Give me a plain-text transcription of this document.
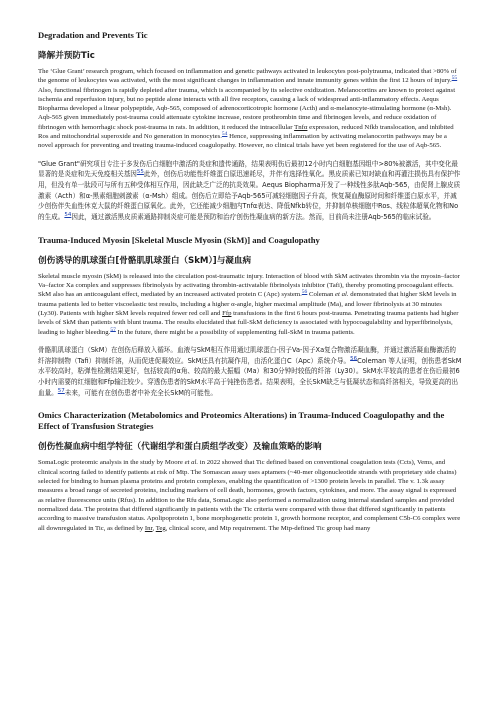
Degradation and Prevents Tic
降解并预防Tic

The ‘Glue Grant’ research program, which focused on inflammation and genetic pathways activated in leukocytes post-polytrauma, indicated that >80% of the genome of leukocytes was activated, with the most significant changes in inflammation and innate immunity genes within the first 12 hours of injury.$^{55}$ Also, functional fibrinogen is rapidly depleted after trauma, which is accompanied by its selective oxidization. Melanocortins are known to protect against ischemia and reperfusion injury, but no peptide alone interacts with all five receptors, causing a lack of widespread anti-inflammatory effects. Aequs Biopharma developed a linear polypeptide, Aqb-565, composed of adrenocorticotropic hormone (Acth) and α-melanocyte-stimulating hormone (α-Msh). Aqb-565 given immediately post-trauma could attenuate cytokine increase, restore prothrombin time and fibrinogen levels, and reduce oxidation of fibrinogen with hemorrhagic shock post-trauma in rats. In addition, it reduced the intracellular Tnfα expression, reduced Nfkb translocation, and inhibited Ros and mitochondrial superoxide and No generation in monocytes.$^{54}$ Hence, suppressing inflammation by activating melanocortin pathways may be a novel approach for preventing and treating trauma-induced coagulopathy. However, no clinical trials have yet been registered for the use of Aqb-565.

"Glue Grant"研究项目专注于多发伤后白细胞中激活的炎症和遗传通路，结果表明伤后最初12小时内白细胞基因组中>80%被激活，其中变化最显著的是炎症和先天免疫相关基因$^{55}$此外，创伤后功能性纤维蛋白原迅速耗尽，并伴有选择性氧化。黑皮质素已知对缺血和再灌注损伤具有保护作用，但没有单一肽段可与所有五种受体相互作用，因此缺乏广泛的抗炎效果。Aequs Biopharma开发了一种线性多肽Aqb-565，由促肾上腺皮质激素（Acth）和α-黑素细胞刺激素（α-Msh）组成。创伤后立即给予Aqb-565可减轻细胞因子升高，恢复凝血酶原时间和纤维蛋白原水平，并减少创伤伴失血性休克大鼠的纤维蛋白原氧化。此外，它还能减少细胞内Tnfα表达、降低Nfkb转位，并抑制单核细胞中Ros、线粒体超氧化物和No的生成。$^{54}$因此，通过激活黑皮质素通路抑制炎症可能是预防和治疗创伤性凝血病的新方法。然而，目前尚未注册Aqb-565的临床试验。

Trauma-Induced Myosin [Skeletal Muscle Myosin (SkM)] and Coagulopathy
创伤诱导的肌球蛋白[骨骼肌肌球蛋白（SkM）]与凝血病

Skeletal muscle myosin (SkM) is released into the circulation post-traumatic injury. Interaction of blood with SkM activates thrombin via the myosin–factor Va–factor Xa complex and suppresses fibrinolysis by activating thrombin-activatable fibrinolysis inhibitor (Tafi), thereby promoting procoagulant effects. SkM also has an anticoagulant effect, mediated by an increased activated protein C (Apc) system.$^{56}$ Coleman et al. demonstrated that higher SkM levels in trauma patients led to better viscoelastic test results, including a higher α-angle, higher maximal amplitude (Ma), and lower fibrinolysis at 30 minutes (Ly30). Patients with higher SkM levels required fewer red cell and Ffp transfusions in the first 6 hours post-trauma. Penetrating trauma patients had higher levels of SkM than patients with blunt trauma. The results elucidated that full-SkM deficiency is associated with hypocoagulability and hyperfibrinolysis, leading to higher bleeding.$^{57}$ In the future, there might be a possibility of supplementing full-SkM in trauma patients.

骨骼肌肌球蛋白（SkM）在创伤后释放入循环。血液与SkM相互作用通过肌球蛋白-因子Va-因子Xa复合物激活凝血酶，并通过激活凝血酶激活的纤溶抑制物（Tafi）抑制纤溶，从而促进促凝效应。SkM还具有抗凝作用，由活化蛋白C（Apc）系统介导。$^{56}$Coleman 等人证明，创伤患者SkM水平较高时，粘弹性检测结果更好，包括较高的α角、较高的最大振幅（Ma）和30分钟时较低的纤溶（Ly30）。SkM水平较高的患者在伤后最初6小时内需要的红细胞和Ffp输注较少。穿透伤患者的SkM水平高于钝挫伤患者。结果表明，全长SkM缺乏与低凝状态和高纤溶相关，导致更高的出血量。$^{57}$未来，可能有在创伤患者中补充全长SkM的可能性。

Omics Characterization (Metabolomics and Proteomics Alterations) in Trauma-Induced Coagulopathy and the Effect of Transfusion Strategies
创伤性凝血病中组学特征（代谢组学和蛋白质组学改变）及输血策略的影响

SomaLogic proteomic analysis in the study by Moore et al. in 2022 showed that Tic defined based on conventional coagulation tests (Ccts), Vems, and clinical scoring failed to identify patients at risk of Mtp. The Somascan assay uses aptamers (~40-mer oligonucleotide strands with proprietary side chains) selected for binding to human plasma proteins and protein complexes, enabling the quantification of >1300 protein levels in parallel. The v. 1.3k assay measures a broad range of secreted proteins, including markers of cell death, hormones, growth factors, cytokines, and more. The assay signal is expressed as relative fluorescence units (Rfus). In addition to the Rfu data, SomaLogic also performed a normalization using internal standard samples and provided normalized data. The proteins that differed significantly in patients with the Tic criteria were compared with those that differed significantly in patients according to massive transfusion status. Apolipoprotein 1, bone morphogenetic protein 1, growth hormone receptor, and complement C5b-C6 complex were all downregulated in Tic, as defined by Inr, Teg, clinical score, and Mtp requirement. The Mtp-defined Tic group had many
